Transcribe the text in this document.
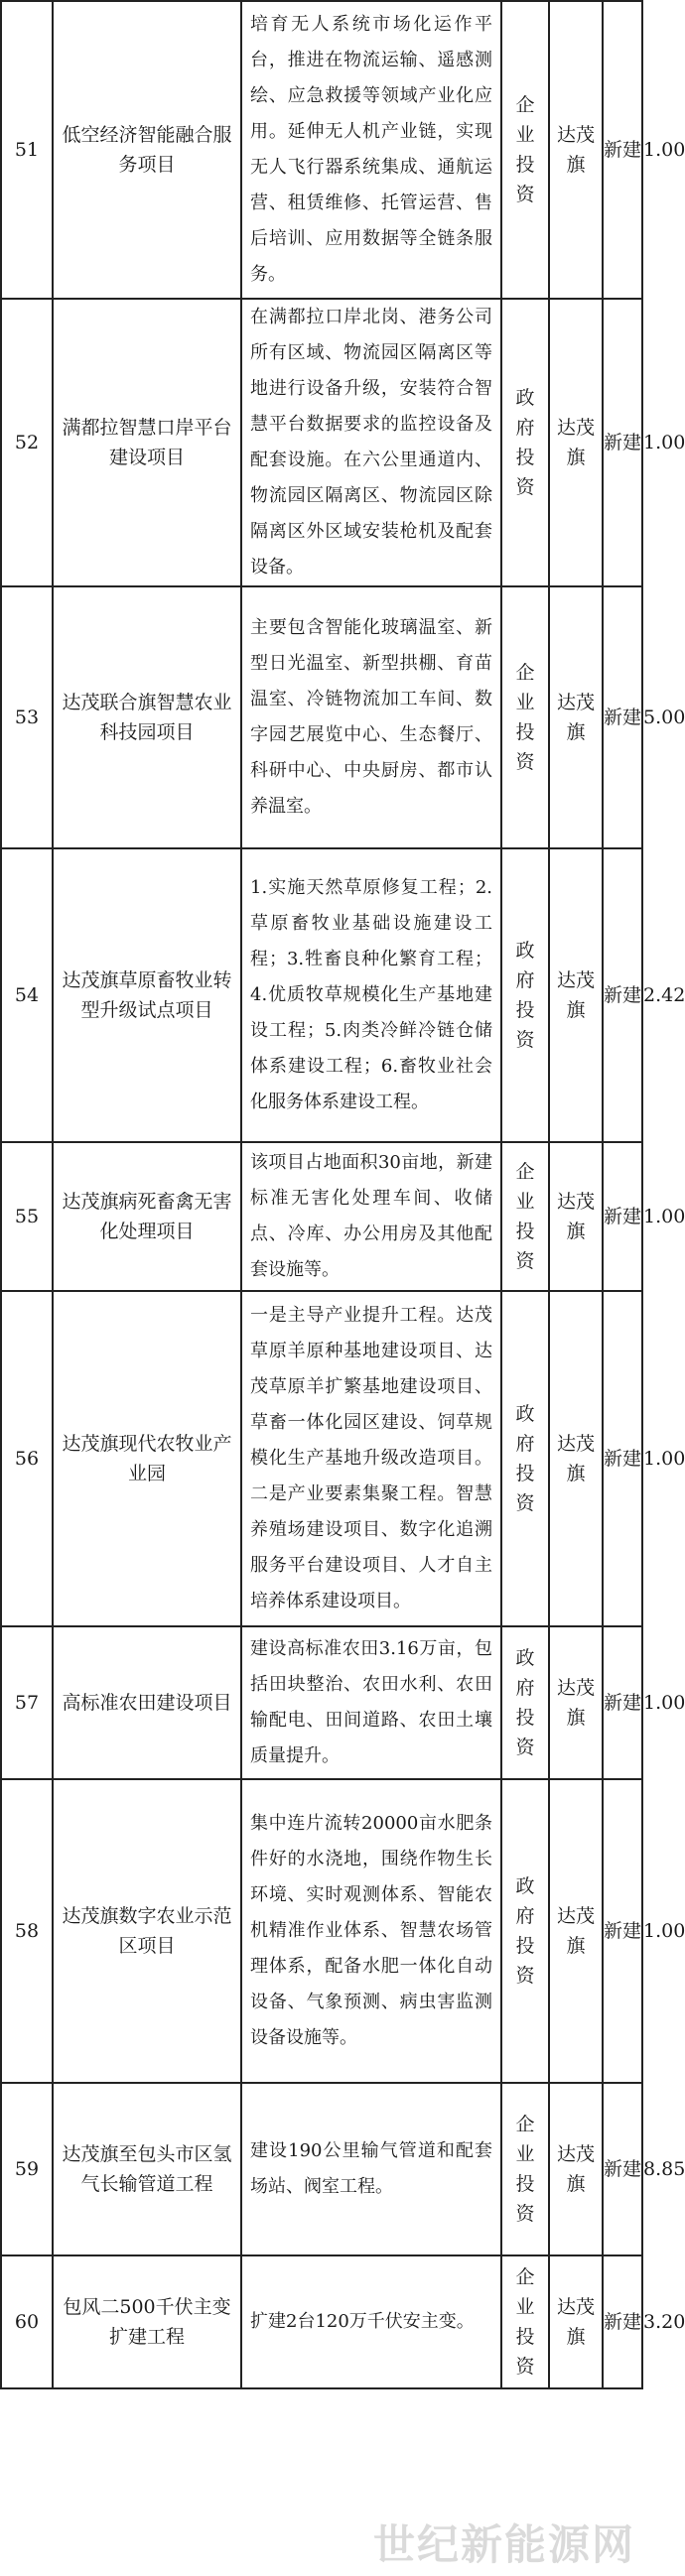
51	低空经济智能融合服务项目	培育无人系统市场化运作平台，推进在物流运输、遥感测绘、应急救援等领域产业化应用。延伸无人机产业链，实现无人飞行器系统集成、通航运营、租赁维修、托管运营、售后培训、应用数据等全链条服务。	企业投资	达茂旗	新建	1.00
52	满都拉智慧口岸平台建设项目	在满都拉口岸北岗、港务公司所有区域、物流园区隔离区等地进行设备升级，安装符合智慧平台数据要求的监控设备及配套设施。在六公里通道内、物流园区隔离区、物流园区除隔离区外区域安装枪机及配套设备。	政府投资	达茂旗	新建	1.00
53	达茂联合旗智慧农业科技园项目	主要包含智能化玻璃温室、新型日光温室、新型拱棚、育苗温室、冷链物流加工车间、数字园艺展览中心、生态餐厅、科研中心、中央厨房、都市认养温室。	企业投资	达茂旗	新建	5.00
54	达茂旗草原畜牧业转型升级试点项目	1.实施天然草原修复工程；2.草原畜牧业基础设施建设工程；3.牲畜良种化繁育工程；4.优质牧草规模化生产基地建设工程；5.肉类冷鲜冷链仓储体系建设工程；6.畜牧业社会化服务体系建设工程。	政府投资	达茂旗	新建	2.42
55	达茂旗病死畜禽无害化处理项目	该项目占地面积30亩地，新建标准无害化处理车间、收储点、冷库、办公用房及其他配套设施等。	企业投资	达茂旗	新建	1.00
56	达茂旗现代农牧业产业园	一是主导产业提升工程。达茂草原羊原种基地建设项目、达茂草原羊扩繁基地建设项目、草畜一体化园区建设、饲草规模化生产基地升级改造项目。二是产业要素集聚工程。智慧养殖场建设项目、数字化追溯服务平台建设项目、人才自主培养体系建设项目。	政府投资	达茂旗	新建	1.00
57	高标准农田建设项目	建设高标准农田3.16万亩，包括田块整治、农田水利、农田输配电、田间道路、农田土壤质量提升。	政府投资	达茂旗	新建	1.00
58	达茂旗数字农业示范区项目	集中连片流转20000亩水肥条件好的水浇地，围绕作物生长环境、实时观测体系、智能农机精准作业体系、智慧农场管理体系，配备水肥一体化自动设备、气象预测、病虫害监测设备设施等。	政府投资	达茂旗	新建	1.00
59	达茂旗至包头市区氢气长输管道工程	建设190公里输气管道和配套场站、阀室工程。	企业投资	达茂旗	新建	8.85
60	包风二500千伏主变扩建工程	扩建2台120万千伏安主变。	企业投资	达茂旗	新建	3.20
世纪新能源网
